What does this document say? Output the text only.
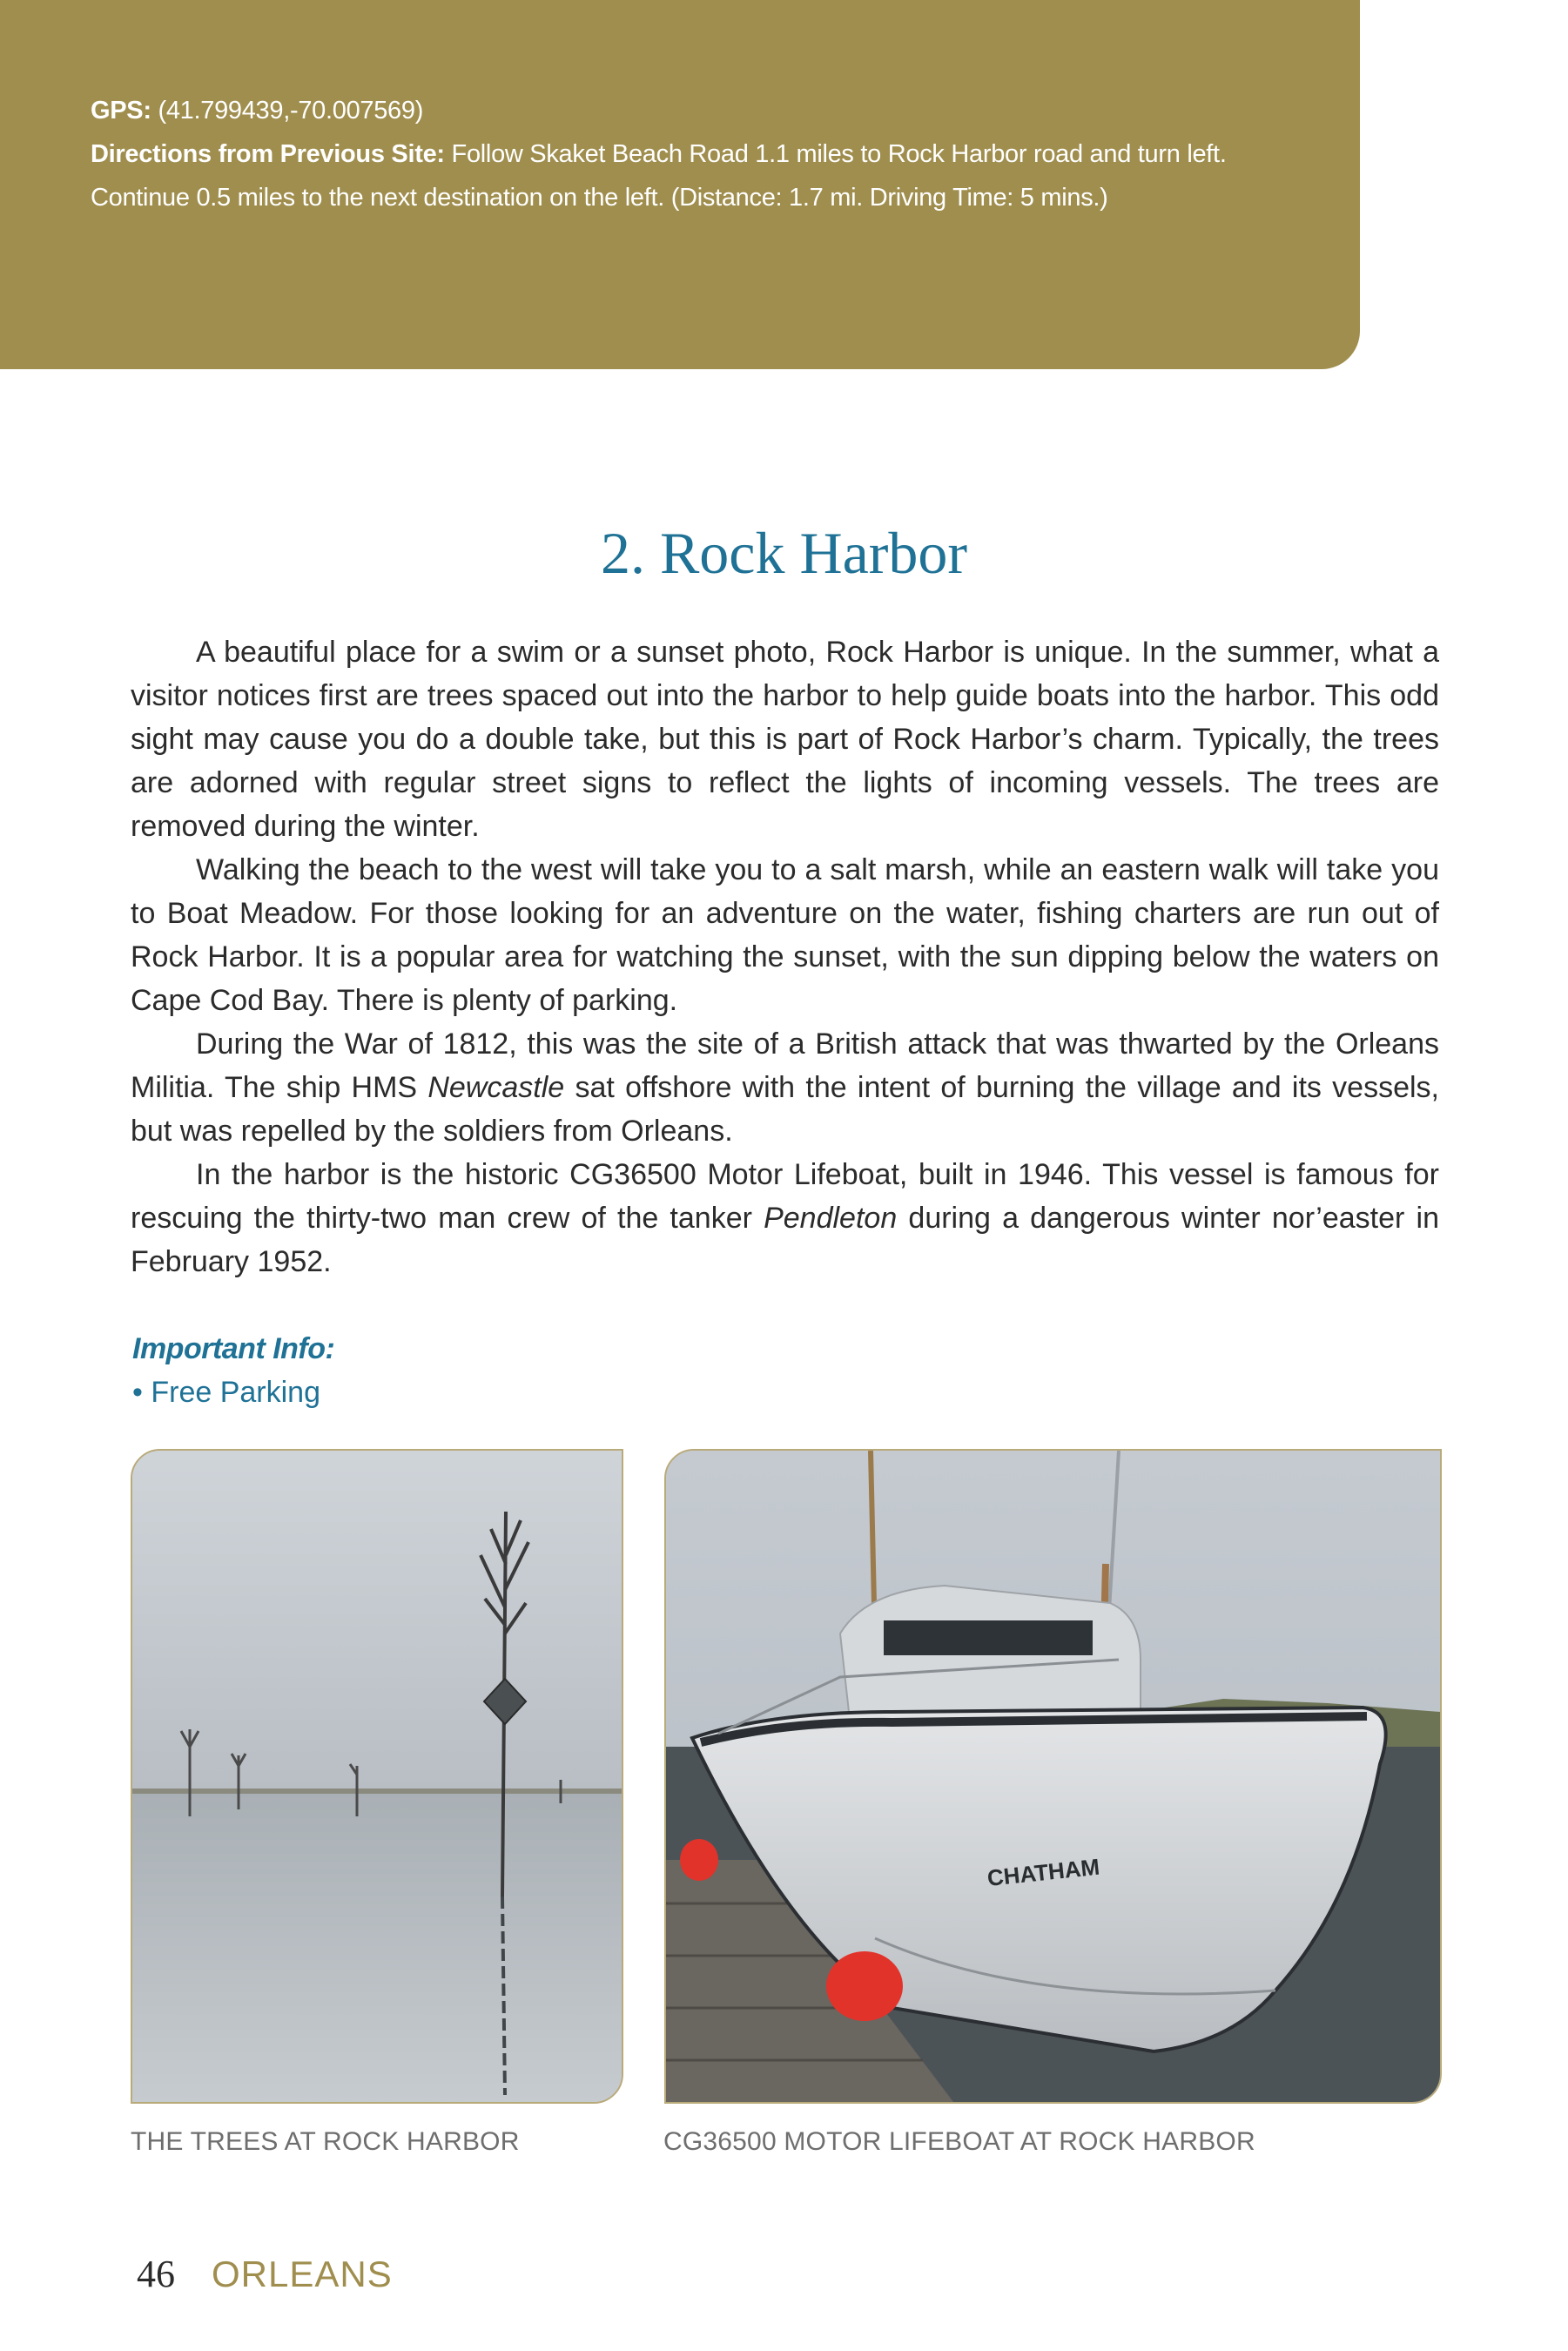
GPS: (41.799439,-70.007569)
Directions from Previous Site: Follow Skaket Beach Road 1.1 miles to Rock Harbor road and turn left. Continue 0.5 miles to the next destination on the left. (Distance: 1.7 mi. Driving Time: 5 mins.)
2. Rock Harbor

A beautiful place for a swim or a sunset photo, Rock Harbor is unique. In the summer, what a visitor notices first are trees spaced out into the harbor to help guide boats into the harbor. This odd sight may cause you do a double take, but this is part of Rock Harbor’s charm. Typically, the trees are adorned with regular street signs to reflect the lights of incoming vessels. The trees are removed during the winter.

Walking the beach to the west will take you to a salt marsh, while an eastern walk will take you to Boat Meadow. For those looking for an adventure on the water, fishing charters are run out of Rock Harbor. It is a popular area for watching the sunset, with the sun dipping below the waters on Cape Cod Bay. There is plenty of parking.

During the War of 1812, this was the site of a British attack that was thwarted by the Orleans Militia. The ship HMS Newcastle sat offshore with the intent of burning the village and its vessels, but was repelled by the soldiers from Orleans.

In the harbor is the historic CG36500 Motor Lifeboat, built in 1946. This vessel is famous for rescuing the thirty-two man crew of the tanker Pendleton during a dangerous winter nor’easter in February 1952.

Important Info:
• Free Parking
CHATHAM
THE TREES AT ROCK HARBOR	CG36500 MOTOR LIFEBOAT AT ROCK HARBOR
46 ORLEANS
